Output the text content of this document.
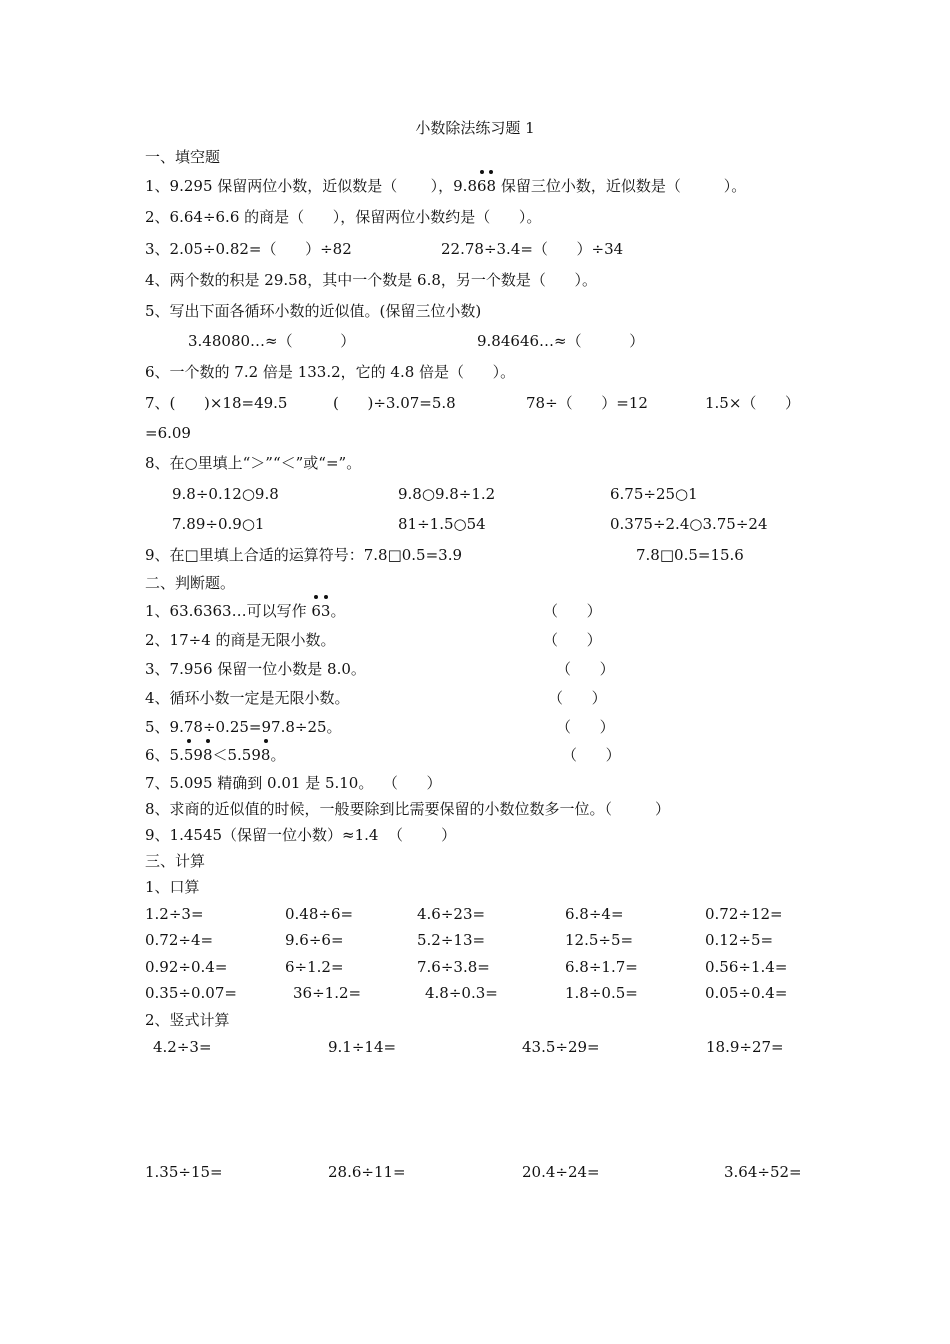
小数除法练习题 1
一、填空题
1、9.295 保留两位小数，近似数是（       ），9.8
6
8 保留三位小数，近似数是（         ）。
2、6.64÷6.6 的商是（      ），保留两位小数约是（      ）。
3、2.05÷0.82=（      ）÷82	22.78÷3.4=（      ）÷34
4、两个数的积是 29.58，其中一个数是 6.8，另一个数是（      ）。
5、写出下面各循环小数的近似值。(保留三位小数)
3.48080…≈（          ）	9.84646…≈（          ）
6、一个数的 7.2 倍是 133.2，它的 4.8 倍是（      ）。
7、(      )×18=49.5	(      )÷3.07=5.8	78÷（      ）=12	1.5×（      ）
=6.09
8、在○里填上“＞”“＜”或“=”。
9.8÷0.12○9.8	9.8○9.8÷1.2	6.75÷25○1
7.89÷0.9○1	81÷1.5○54	0.375÷2.4○3.75÷24
9、在□里填上合适的运算符号：7.8□0.5=3.9	7.8□0.5=15.6
二、判断题。
1、63.6363…可以写作
6
3。	（      ）
2、17÷4 的商是无限小数。	（      ）
3、7.956 保留一位小数是 8.0。	（      ）
4、循环小数一定是无限小数。	（      ）
5、9.78÷0.25=97.8÷25。	（      ）
6、5.
59
8＜5.59
8。	（      ）
7、5.095 精确到 0.01 是 5.10。  （      ）
8、求商的近似值的时候，一般要除到比需要保留的小数位数多一位。（         ）
9、1.4545（保留一位小数）≈1.4  （        ）
三、计算
1、口算
1.2÷3=	0.48÷6=	4.6÷23=	6.8÷4=	0.72÷12=
0.72÷4=	9.6÷6=	5.2÷13=	12.5÷5=	0.12÷5=
0.92÷0.4=	6÷1.2=	7.6÷3.8=	6.8÷1.7=	0.56÷1.4=
0.35÷0.07=	36÷1.2=	4.8÷0.3=	1.8÷0.5=	0.05÷0.4=
2、竖式计算
4.2÷3=	9.1÷14=	43.5÷29=	18.9÷27=
1.35÷15=	28.6÷11=	20.4÷24=	3.64÷52=
